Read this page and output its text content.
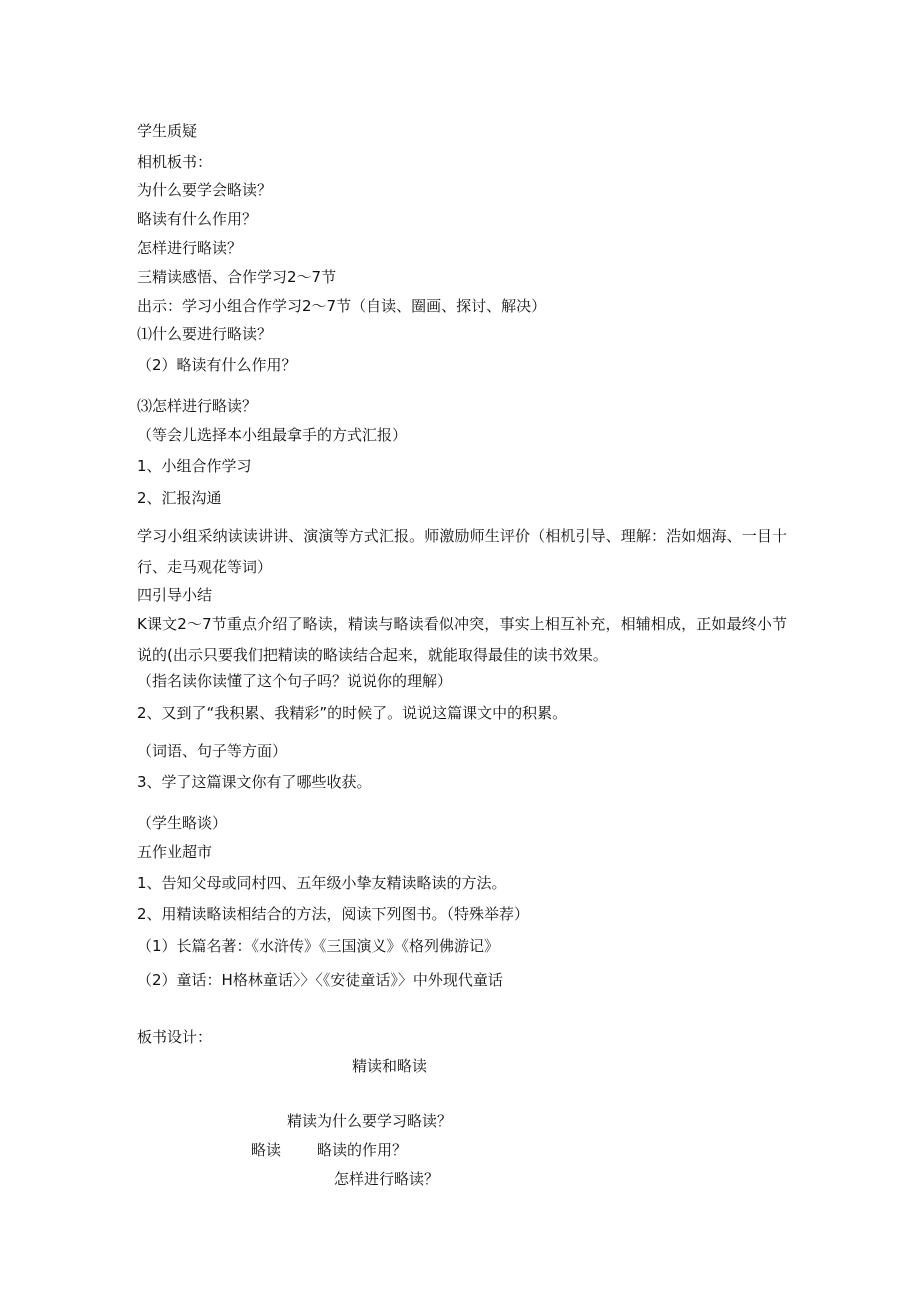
学生质疑
相机板书：
为什么要学会略读？
略读有什么作用？
怎样进行略读？
三精读感悟、合作学习2～7节
出示：学习小组合作学习2～7节（自读、圈画、探讨、解决）
⑴什么要进行略读？
（2）略读有什么作用？
⑶怎样进行略读？
（等会儿选择本小组最拿手的方式汇报）
1、小组合作学习
2、汇报沟通
学习小组采纳读读讲讲、演演等方式汇报。师激励师生评价（相机引导、理解：浩如烟海、一目十行、走马观花等词）
四引导小结
K课文2～7节重点介绍了略读，精读与略读看似冲突，事实上相互补充，相辅相成，正如最终小节说的(出示只要我们把精读的略读结合起来，就能取得最佳的读书效果。
（指名读你读懂了这个句子吗？说说你的理解）
2、又到了“我积累、我精彩”的时候了。说说这篇课文中的积累。
（词语、句子等方面）
3、学了这篇课文你有了哪些收获。
（学生略谈）
五作业超市
1、告知父母或同村四、五年级小挚友精读略读的方法。
2、用精读略读相结合的方法，阅读下列图书。（特殊举荐）
（1）长篇名著：《水浒传》《三国演义》《格列佛游记》
（2）童话：H格林童话〉〉〈《安徒童话》〉中外现代童话
板书设计：
精读和略读
精读 为什么要学习略读？
略读 略读的作用？
怎样进行略读？
